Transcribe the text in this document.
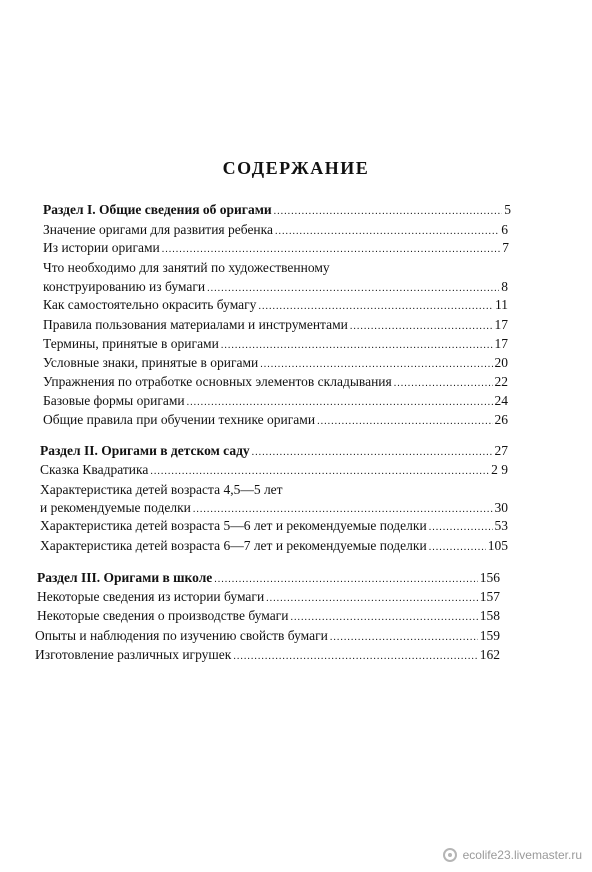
СОДЕРЖАНИЕ
Раздел I. Общие сведения об оригами .....	5
Значение оригами для развития ребенка .....	6
Из истории оригами .....	7
Что необходимо для занятий по художественному
конструированию из бумаги .....	8
Как самостоятельно окрасить бумагу .....	11
Правила пользования материалами и инструментами .....	17
Термины, принятые в оригами .....	17
Условные знаки, принятые в оригами .....	20
Упражнения по отработке основных элементов складывания .....	22
Базовые формы оригами .....	24
Общие правила при обучении технике оригами .....	26
Раздел II. Оригами в детском саду .....	27
Сказка Квадратика .....	2 9
Характеристика детей возраста 4,5—5 лет
и рекомендуемые поделки .....	30
Характеристика детей возраста 5—6 лет и рекомендуемые поделки .....	53
Характеристика детей возраста 6—7 лет и рекомендуемые поделки .....	105
Раздел III. Оригами в школе .....	156
Некоторые сведения из истории бумаги .....	157
Некоторые сведения о производстве бумаги .....	158
Опыты и наблюдения по изучению свойств бумаги .....	159
Изготовление различных игрушек .....	162
ecolife23.livemaster.ru
